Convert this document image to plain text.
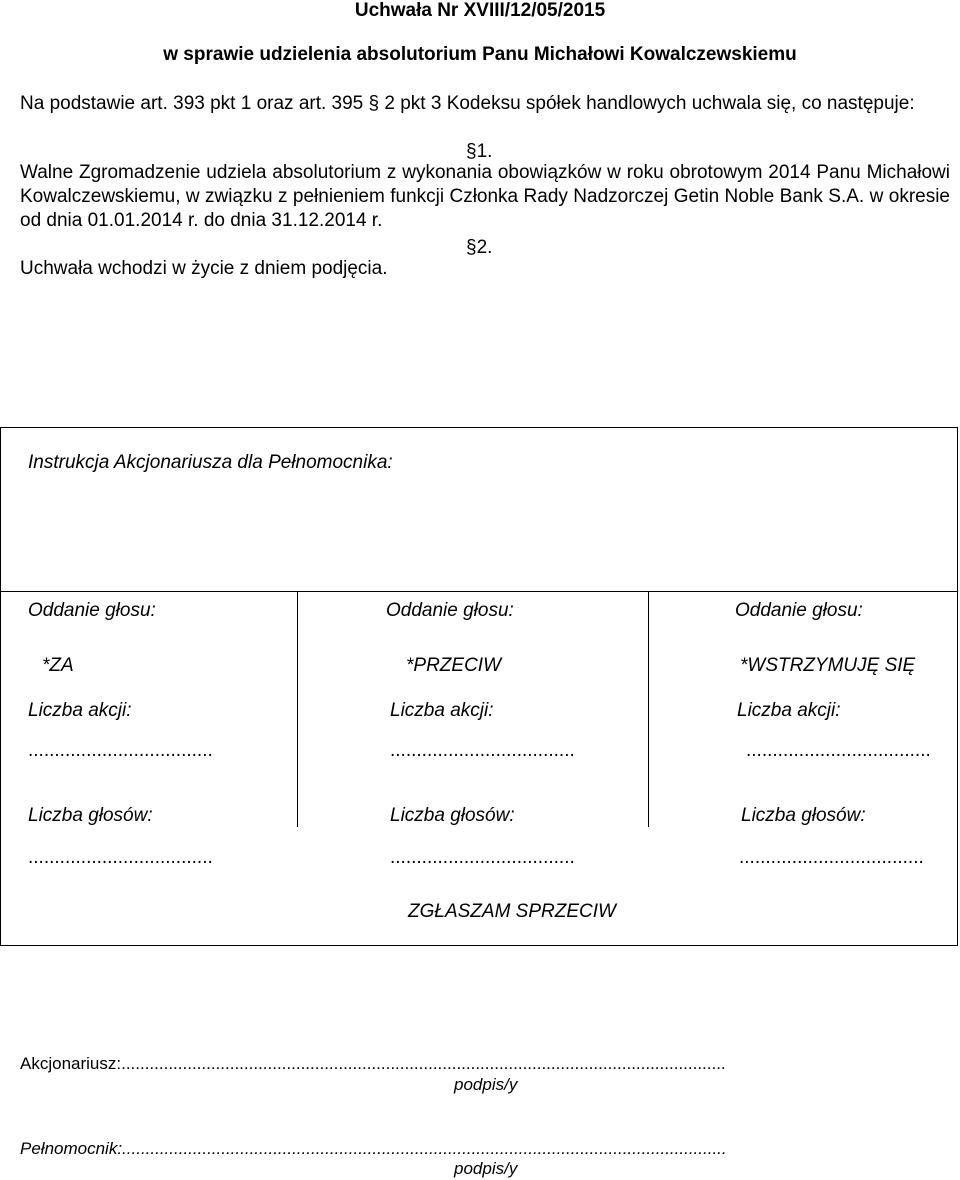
Uchwała Nr XVIII/12/05/2015
w sprawie udzielenia absolutorium Panu Michałowi Kowalczewskiemu
Na podstawie art. 393 pkt 1 oraz art. 395 § 2 pkt 3 Kodeksu spółek handlowych uchwala się, co następuje:
§1.
Walne Zgromadzenie udziela absolutorium z wykonania obowiązków w roku obrotowym 2014 Panu Michałowi Kowalczewskiemu, w związku z pełnieniem funkcji Członka Rady Nadzorczej Getin Noble Bank S.A. w okresie od dnia 01.01.2014 r. do dnia 31.12.2014 r.
§2.
Uchwała wchodzi w życie z dniem podjęcia.
Instrukcja Akcjonariusza dla Pełnomocnika:
Oddanie głosu:
*ZA
Liczba akcji:
...................................
Liczba głosów:
...................................
Oddanie głosu:
*PRZECIW
Liczba akcji:
...................................
Liczba głosów:
...................................
Oddanie głosu:
*WSTRZYMUJĘ SIĘ
Liczba akcji:
...................................
Liczba głosów:
...................................
ZGŁASZAM SPRZECIW
Akcjonariusz:................................................................................................................................
podpis/y
Pełnomocnik:................................................................................................................................
podpis/y
